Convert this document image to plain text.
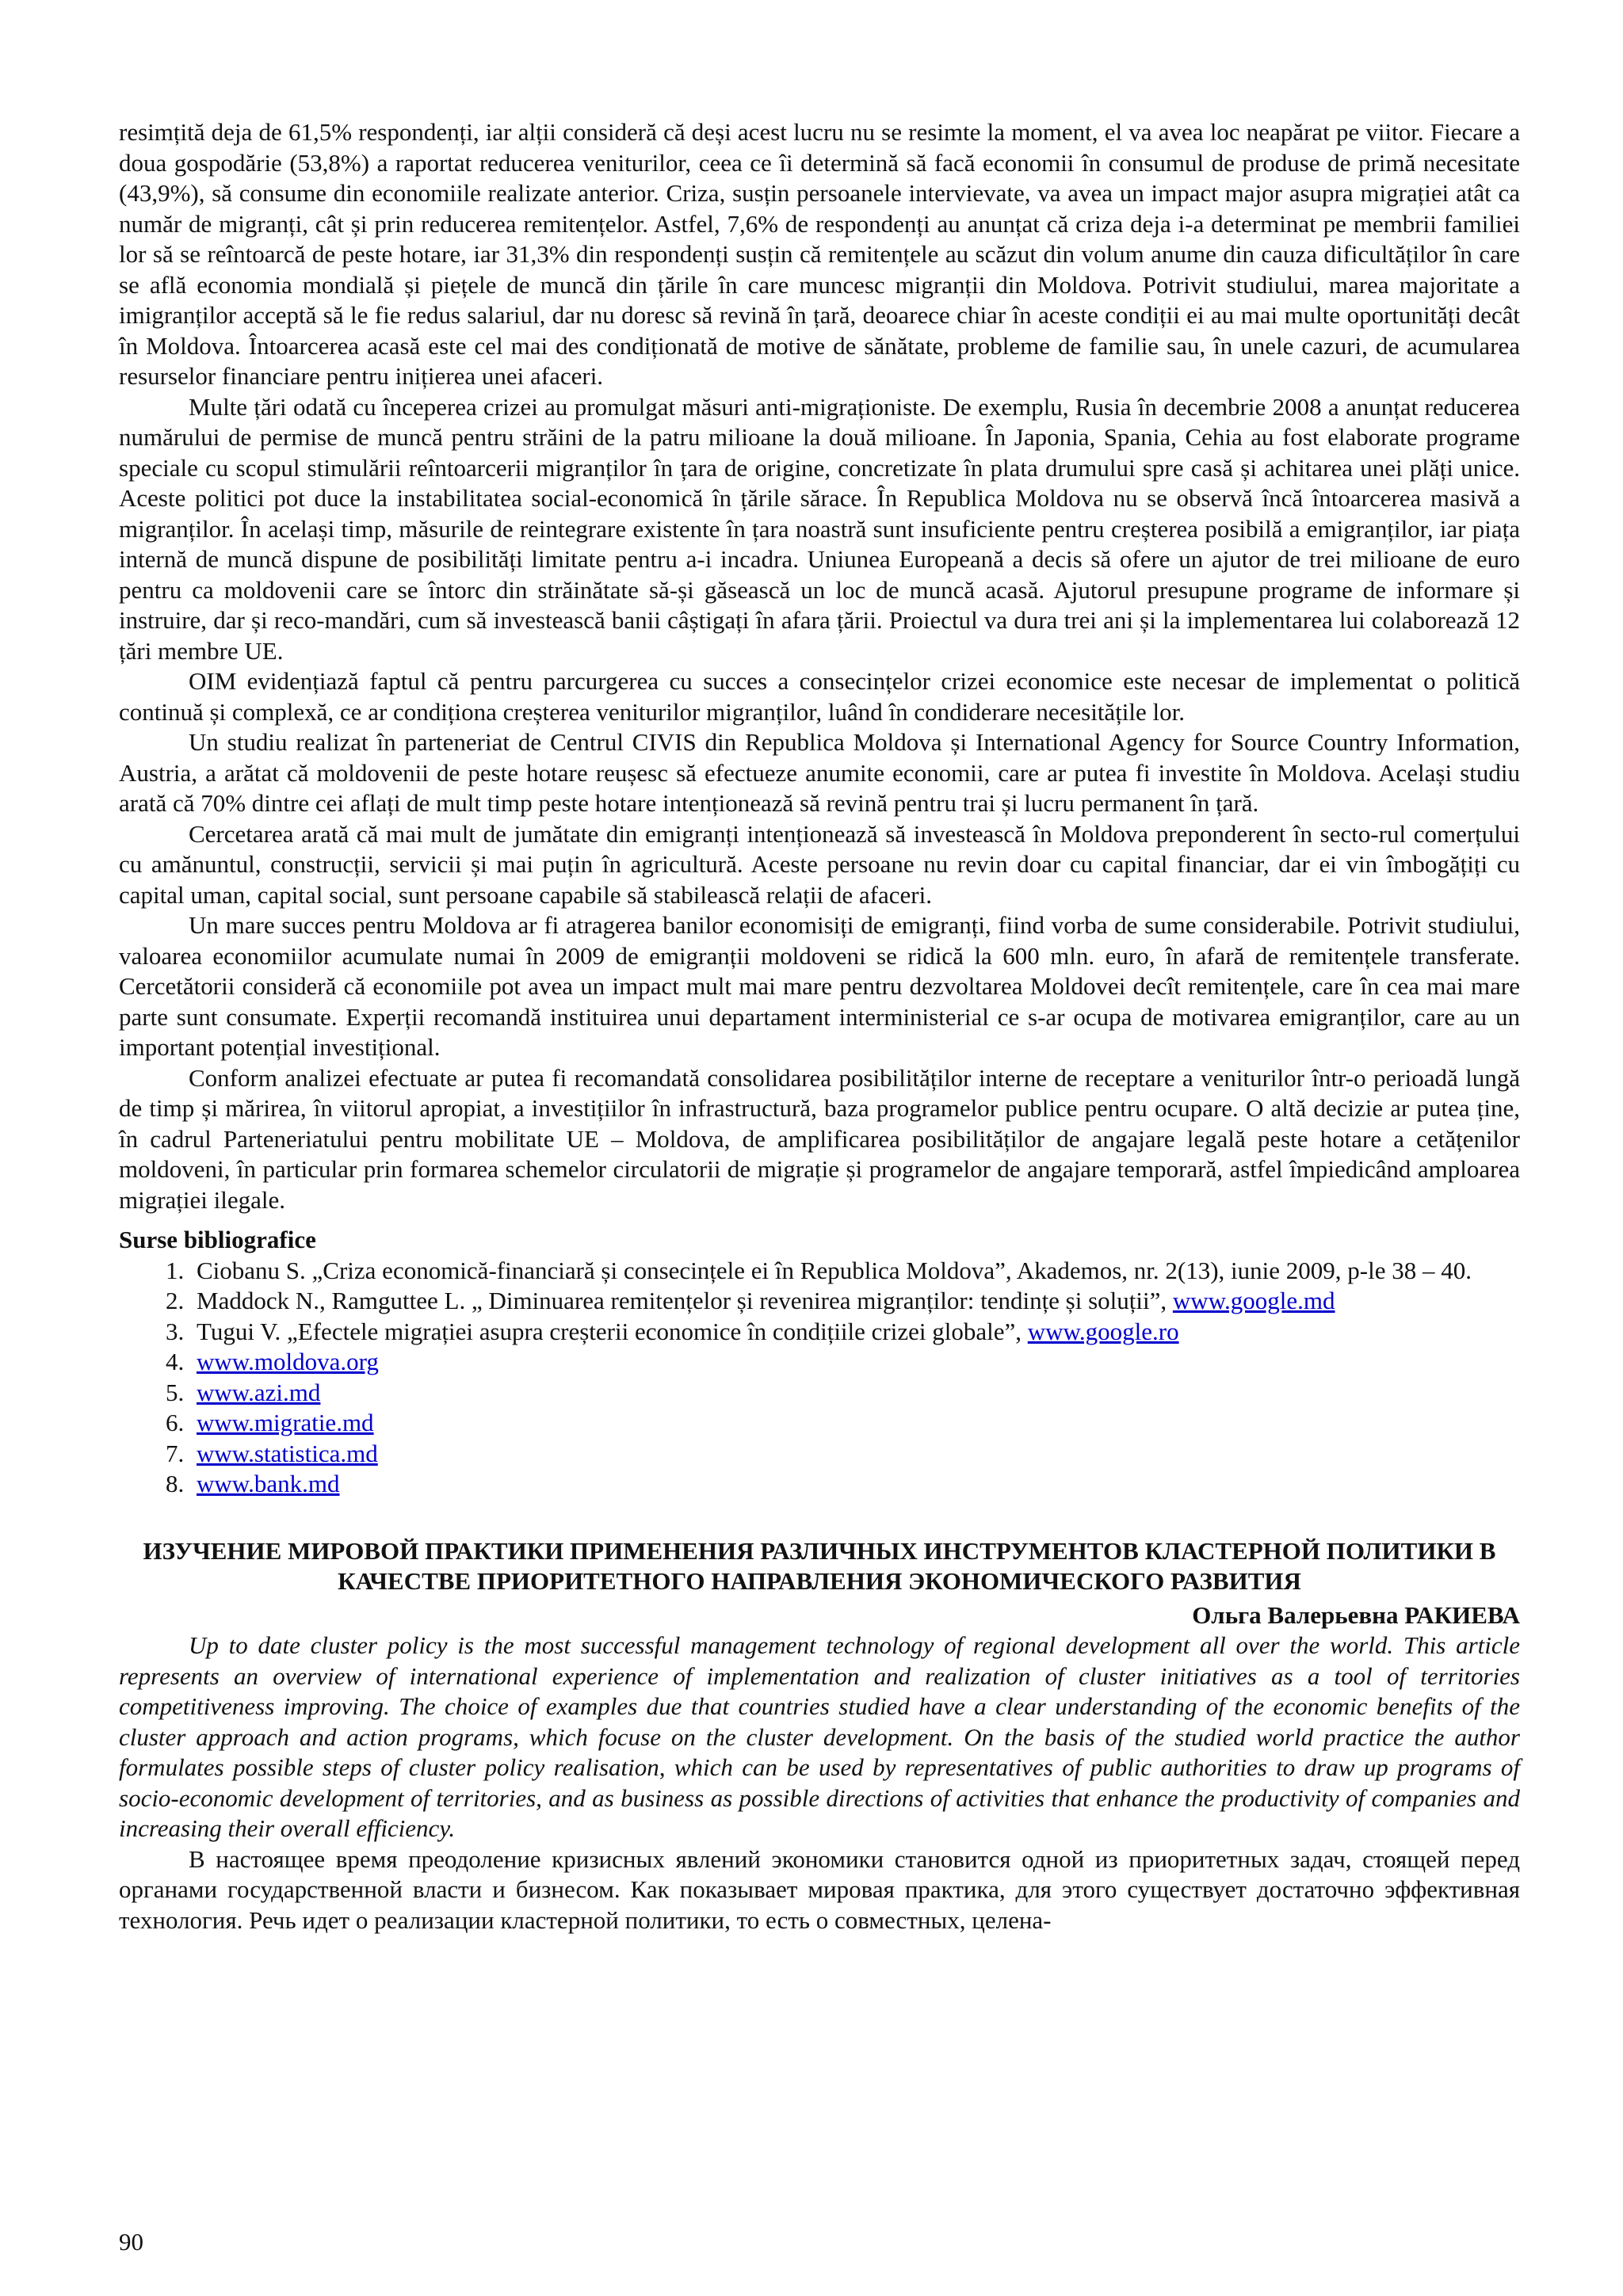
resimțită deja de 61,5% respondenți, iar alții consideră că deși acest lucru nu se resimte la moment, el va avea loc neapărat pe viitor. Fiecare a doua gospodărie (53,8%) a raportat reducerea veniturilor, ceea ce îi determină să facă economii în consumul de produse de primă necesitate (43,9%), să consume din economiile realizate anterior. Criza, susțin persoanele intervievate, va avea un impact major asupra migrației atât ca număr de migranți, cât și prin reducerea remitențelor. Astfel, 7,6% de respondenți au anunțat că criza deja i-a determinat pe membrii familiei lor să se reîntoarcă de peste hotare, iar 31,3% din respondenți susțin că remitențele au scăzut din volum anume din cauza dificultăților în care se află economia mondială și piețele de muncă din țările în care muncesc migranții din Moldova. Potrivit studiului, marea majoritate a imigranților acceptă să le fie redus salariul, dar nu doresc să revină în țară, deoarece chiar în aceste condiții ei au mai multe oportunități decât în Moldova. Întoarcerea acasă este cel mai des condiționată de motive de sănătate, probleme de familie sau, în unele cazuri, de acumularea resurselor financiare pentru inițierea unei afaceri.

Multe țări odată cu începerea crizei au promulgat măsuri anti-migraționiste. De exemplu, Rusia în decembrie 2008 a anunțat reducerea numărului de permise de muncă pentru străini de la patru milioane la două milioane. În Japonia, Spania, Cehia au fost elaborate programe speciale cu scopul stimulării reîntoarcerii migranților în țara de origine, concretizate în plata drumului spre casă și achitarea unei plăți unice. Aceste politici pot duce la instabilitatea social-economică în țările sărace. În Republica Moldova nu se observă încă întoarcerea masivă a migranților. În același timp, măsurile de reintegrare existente în țara noastră sunt insuficiente pentru creșterea posibilă a emigranților, iar piața internă de muncă dispune de posibilități limitate pentru a-i incadra. Uniunea Europeană a decis să ofere un ajutor de trei milioane de euro pentru ca moldovenii care se întorc din străinătate să-și găsească un loc de muncă acasă. Ajutorul presupune programe de informare și instruire, dar și reco-mandări, cum să investească banii câștigați în afara țării. Proiectul va dura trei ani și la implementarea lui colaborează 12 țări membre UE.

OIM evidențiază faptul că pentru parcurgerea cu succes a consecințelor crizei economice este necesar de implementat o politică continuă și complexă, ce ar condiționa creșterea veniturilor migranților, luând în condiderare necesitățile lor.

Un studiu realizat în parteneriat de Centrul CIVIS din Republica Moldova și International Agency for Source Country Information, Austria, a arătat că moldovenii de peste hotare reușesc să efectueze anumite economii, care ar putea fi investite în Moldova. Același studiu arată că 70% dintre cei aflați de mult timp peste hotare intenționează să revină pentru trai și lucru permanent în țară.

Cercetarea arată că mai mult de jumătate din emigranți intenționează să investească în Moldova preponderent în secto-rul comerțului cu amănuntul, construcții, servicii și mai puțin în agricultură. Aceste persoane nu revin doar cu capital financiar, dar ei vin îmbogățiți cu capital uman, capital social, sunt persoane capabile să stabilească relații de afaceri.

Un mare succes pentru Moldova ar fi atragerea banilor economisiți de emigranți, fiind vorba de sume considerabile. Potrivit studiului, valoarea economiilor acumulate numai în 2009 de emigranții moldoveni se ridică la 600 mln. euro, în afară de remitențele transferate. Cercetătorii consideră că economiile pot avea un impact mult mai mare pentru dezvoltarea Moldovei decît remitențele, care în cea mai mare parte sunt consumate. Experții recomandă instituirea unui departament interministerial ce s-ar ocupa de motivarea emigranților, care au un important potențial investițional.

Conform analizei efectuate ar putea fi recomandată consolidarea posibilităților interne de receptare a veniturilor într-o perioadă lungă de timp și mărirea, în viitorul apropiat, a investițiilor în infrastructură, baza programelor publice pentru ocupare. O altă decizie ar putea ține, în cadrul Parteneriatului pentru mobilitate UE – Moldova, de amplificarea posibilităților de angajare legală peste hotare a cetățenilor moldoveni, în particular prin formarea schemelor circulatorii de migrație și programelor de angajare temporară, astfel împiedicând amploarea migrației ilegale.

Surse bibliografice
1. Ciobanu S. „Criza economică-financiară și consecințele ei în Republica Moldova”, Akademos, nr. 2(13), iunie 2009, p-le 38 – 40.
2. Maddock N., Ramguttee L. „ Diminuarea remitențelor și revenirea migranților: tendințe și soluții”, www.google.md
3. Tugui V. „Efectele migrației asupra creșterii economice în condițiile crizei globale”, www.google.ro
4. www.moldova.org
5. www.azi.md
6. www.migratie.md
7. www.statistica.md
8. www.bank.md
ИЗУЧЕНИЕ МИРОВОЙ ПРАКТИКИ ПРИМЕНЕНИЯ РАЗЛИЧНЫХ ИНСТРУМЕНТОВ КЛАСТЕРНОЙ ПОЛИТИКИ В КАЧЕСТВЕ ПРИОРИТЕТНОГО НАПРАВЛЕНИЯ ЭКОНОМИЧЕСКОГО РАЗВИТИЯ
Ольга Валерьевна РАКИЕВА

Up to date cluster policy is the most successful management technology of regional development all over the world. This article represents an overview of international experience of implementation and realization of cluster initiatives as a tool of territories competitiveness improving. The choice of examples due that countries studied have a clear understanding of the economic benefits of the cluster approach and action programs, which focuse on the cluster development. On the basis of the studied world practice the author formulates possible steps of cluster policy realisation, which can be used by representatives of public authorities to draw up programs of socio-economic development of territories, and as business as possible directions of activities that enhance the productivity of companies and increasing their overall efficiency.

В настоящее время преодоление кризисных явлений экономики становится одной из приоритетных задач, стоящей перед органами государственной власти и бизнесом. Как показывает мировая практика, для этого существует достаточно эффективная технология. Речь идет о реализации кластерной политики, то есть о совместных, целена-

90
